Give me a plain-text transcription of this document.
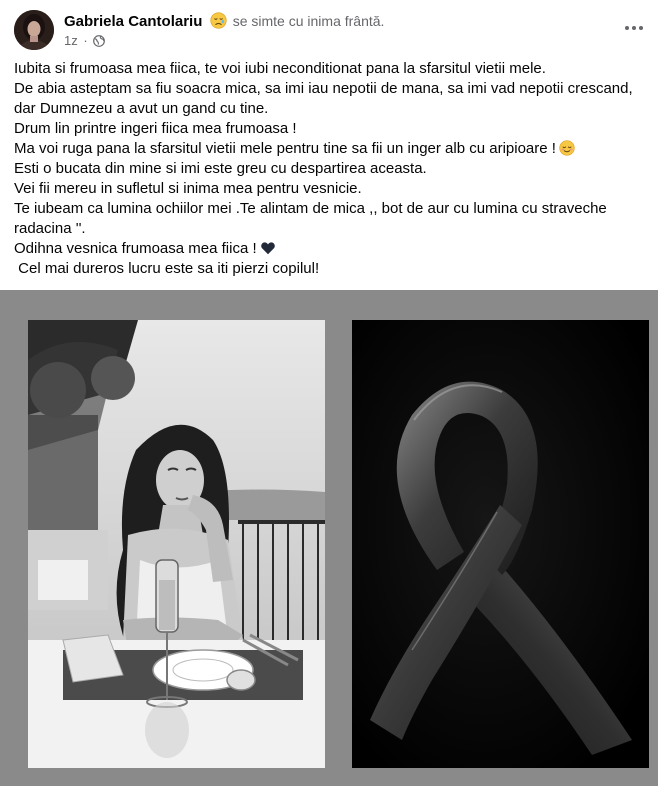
Gabriela Cantolariu se simte cu inima frântă.
1z ·

Iubita si frumoasa mea fiica, te voi iubi neconditionat pana la sfarsitul vietii mele.

De abia asteptam sa fiu soacra mica, sa imi iau nepotii de mana, sa imi vad nepotii crescand,  dar Dumnezeu a avut un gand cu tine.

Drum lin printre ingeri fiica mea frumoasa !

Ma voi ruga pana la sfarsitul vietii mele pentru tine sa fii un inger alb cu aripioare !

Esti o bucata din mine si imi este greu cu despartirea aceasta.

Vei fii mereu in sufletul si inima mea pentru vesnicie.

Te iubeam ca lumina ochiilor mei .Te alintam de mica ,, bot de aur cu lumina cu straveche radacina ''.

Odihna vesnica frumoasa mea fiica !

Cel mai dureros lucru este sa iti pierzi copilul!
